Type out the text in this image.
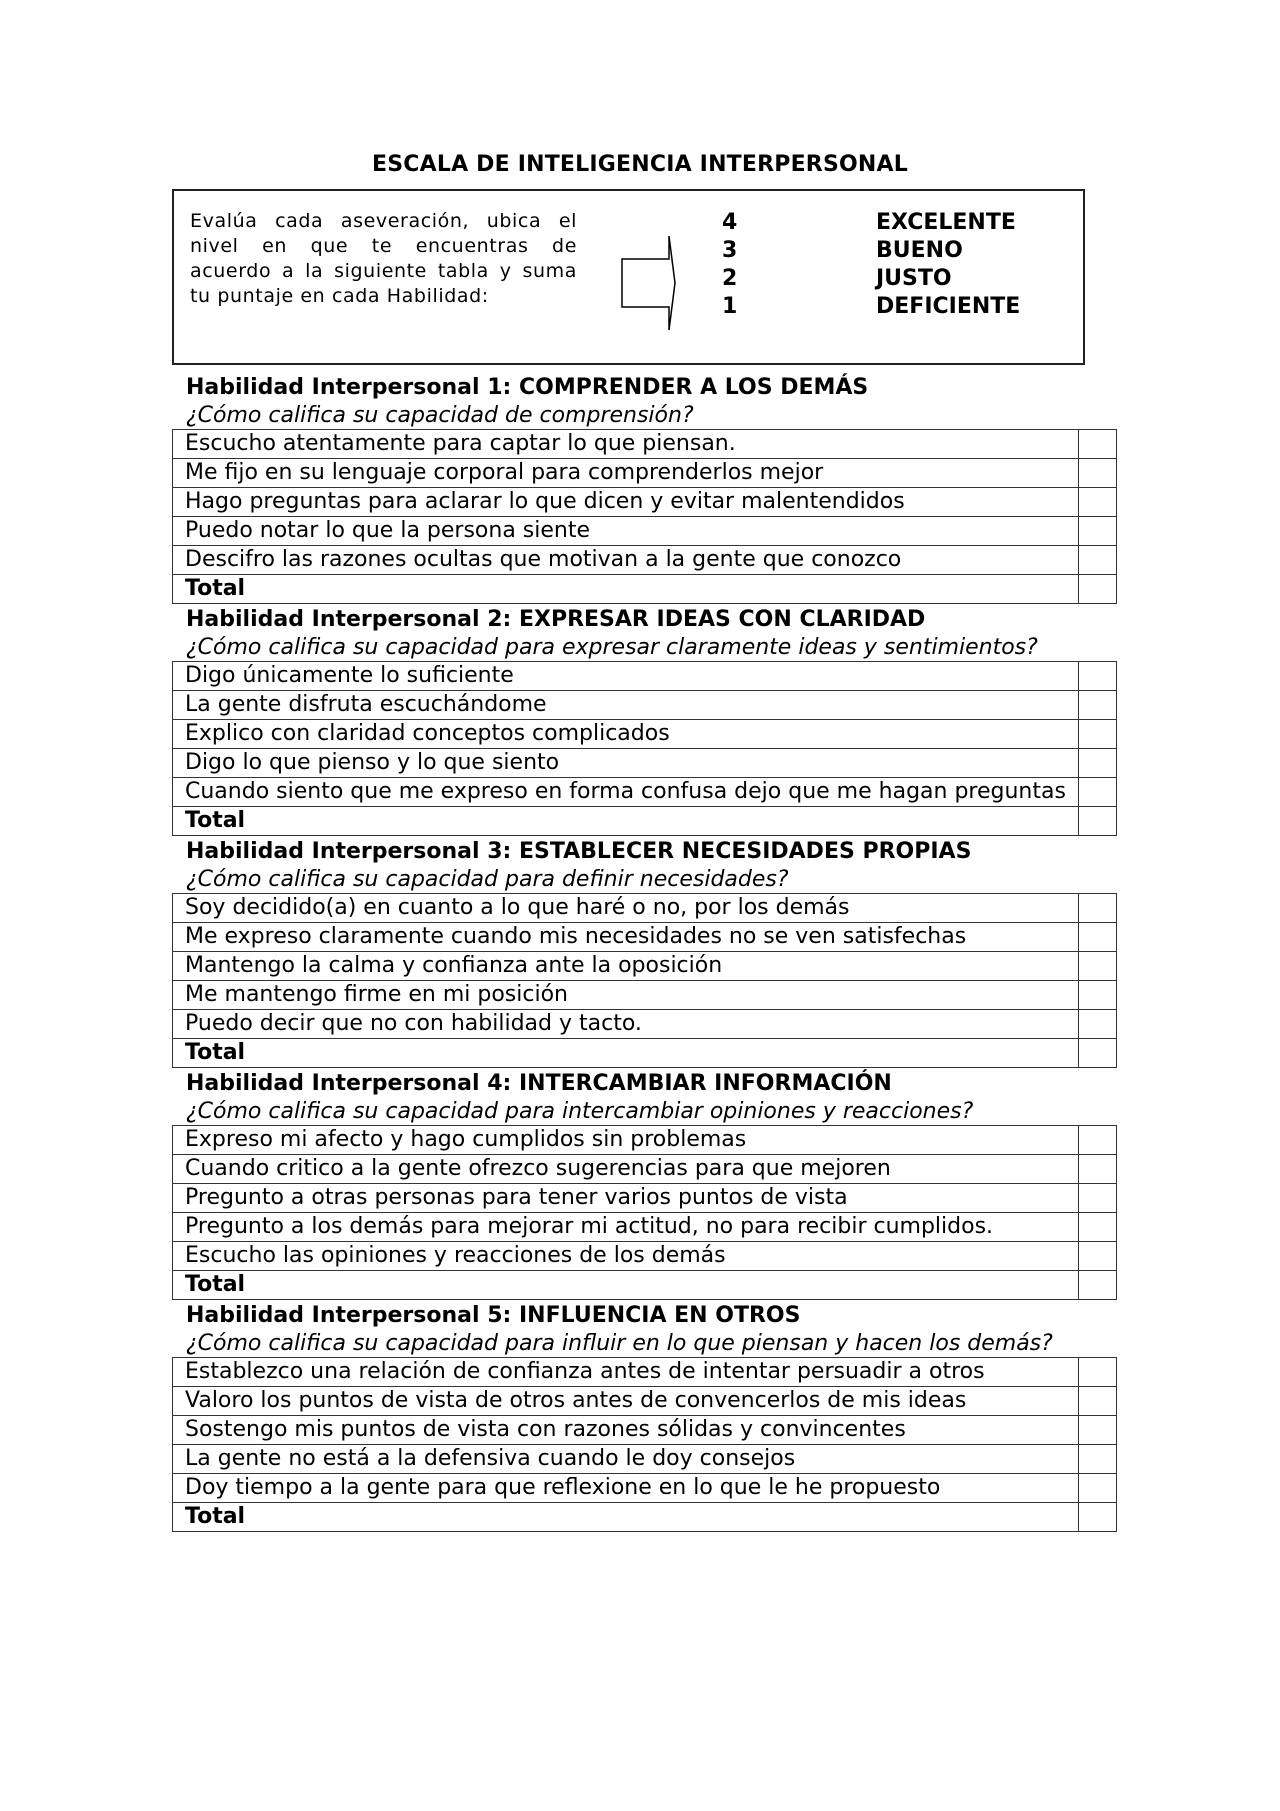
ESCALA DE INTELIGENCIA INTERPERSONAL
Evalúa cada aseveración, ubica el nivel en que te encuentras de acuerdo a la siguiente tabla y suma tu puntaje en cada Habilidad:
4	EXCELENTE
3	BUENO
2	JUSTO
1	DEFICIENTE
Habilidad Interpersonal 1: COMPRENDER A LOS DEMÁS
¿Cómo califica su capacidad de comprensión?
Escucho atentamente para captar lo que piensan.	
Me fijo en su lenguaje corporal para comprenderlos mejor	
Hago preguntas para aclarar lo que dicen y evitar malentendidos	
Puedo notar lo que la persona siente	
Descifro las razones ocultas que motivan a la gente que conozco	
Total	
Habilidad Interpersonal 2: EXPRESAR IDEAS CON CLARIDAD
¿Cómo califica su capacidad para expresar claramente ideas y sentimientos?
Digo únicamente lo suficiente	
La gente disfruta escuchándome	
Explico con claridad conceptos complicados	
Digo lo que pienso y lo que siento	
Cuando siento que me expreso en forma confusa dejo que me hagan preguntas	
Total	
Habilidad Interpersonal 3: ESTABLECER NECESIDADES PROPIAS
¿Cómo califica su capacidad para definir necesidades?
Soy decidido(a) en cuanto a lo que haré o no, por los demás	
Me expreso claramente cuando mis necesidades no se ven satisfechas	
Mantengo la calma y confianza ante la oposición	
Me mantengo firme en mi posición	
Puedo decir que no con habilidad y tacto.	
Total	
Habilidad Interpersonal 4: INTERCAMBIAR INFORMACIÓN
¿Cómo califica su capacidad para intercambiar opiniones y reacciones?
Expreso mi afecto y hago cumplidos sin problemas	
Cuando critico a la gente ofrezco sugerencias para que mejoren	
Pregunto a otras personas para tener varios puntos de vista	
Pregunto a los demás para mejorar mi actitud, no para recibir cumplidos.	
Escucho las opiniones y reacciones de los demás	
Total	
Habilidad Interpersonal 5: INFLUENCIA EN OTROS
¿Cómo califica su capacidad para influir en lo que piensan y hacen los demás?
Establezco una relación de confianza antes de intentar persuadir a otros	
Valoro los puntos de vista de otros antes de convencerlos de mis ideas	
Sostengo mis puntos de vista con razones sólidas y convincentes	
La gente no está a la defensiva cuando le doy consejos	
Doy tiempo a la gente para que reflexione en lo que le he propuesto	
Total	
